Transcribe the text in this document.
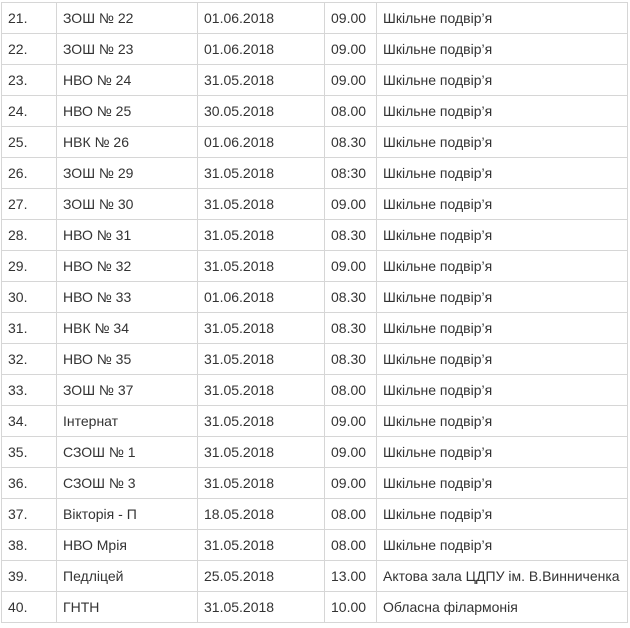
21.	ЗОШ № 22	01.06.2018	09.00	Шкільне подвір’я
22.	ЗОШ № 23	01.06.2018	09.00	Шкільне подвір’я
23.	НВО № 24	31.05.2018	09.00	Шкільне подвір’я
24.	НВО № 25	30.05.2018	08.00	Шкільне подвір’я
25.	НВК № 26	01.06.2018	08.30	Шкільне подвір’я
26.	ЗОШ № 29	31.05.2018	08:30	Шкільне подвір’я
27.	ЗОШ № 30	31.05.2018	09.00	Шкільне подвір’я
28.	НВО № 31	31.05.2018	08.30	Шкільне подвір’я
29.	НВО № 32	31.05.2018	09.00	Шкільне подвір’я
30.	НВО № 33	01.06.2018	08.30	Шкільне подвір’я
31.	НВК № 34	31.05.2018	08.30	Шкільне подвір’я
32.	НВО № 35	31.05.2018	08.30	Шкільне подвір’я
33.	ЗОШ № 37	31.05.2018	08.00	Шкільне подвір’я
34.	Інтернат	31.05.2018	09.00	Шкільне подвір’я
35.	СЗОШ № 1	31.05.2018	09.00	Шкільне подвір’я
36.	СЗОШ № 3	31.05.2018	09.00	Шкільне подвір’я
37.	Вікторія - П	18.05.2018	08.00	Шкільне подвір’я
38.	НВО Мрія	31.05.2018	08.00	Шкільне подвір’я
39.	Педліцей	25.05.2018	13.00	Актова зала ЦДПУ ім. В.Винниченка
40.	ГНТН	31.05.2018	10.00	Обласна філармонія
